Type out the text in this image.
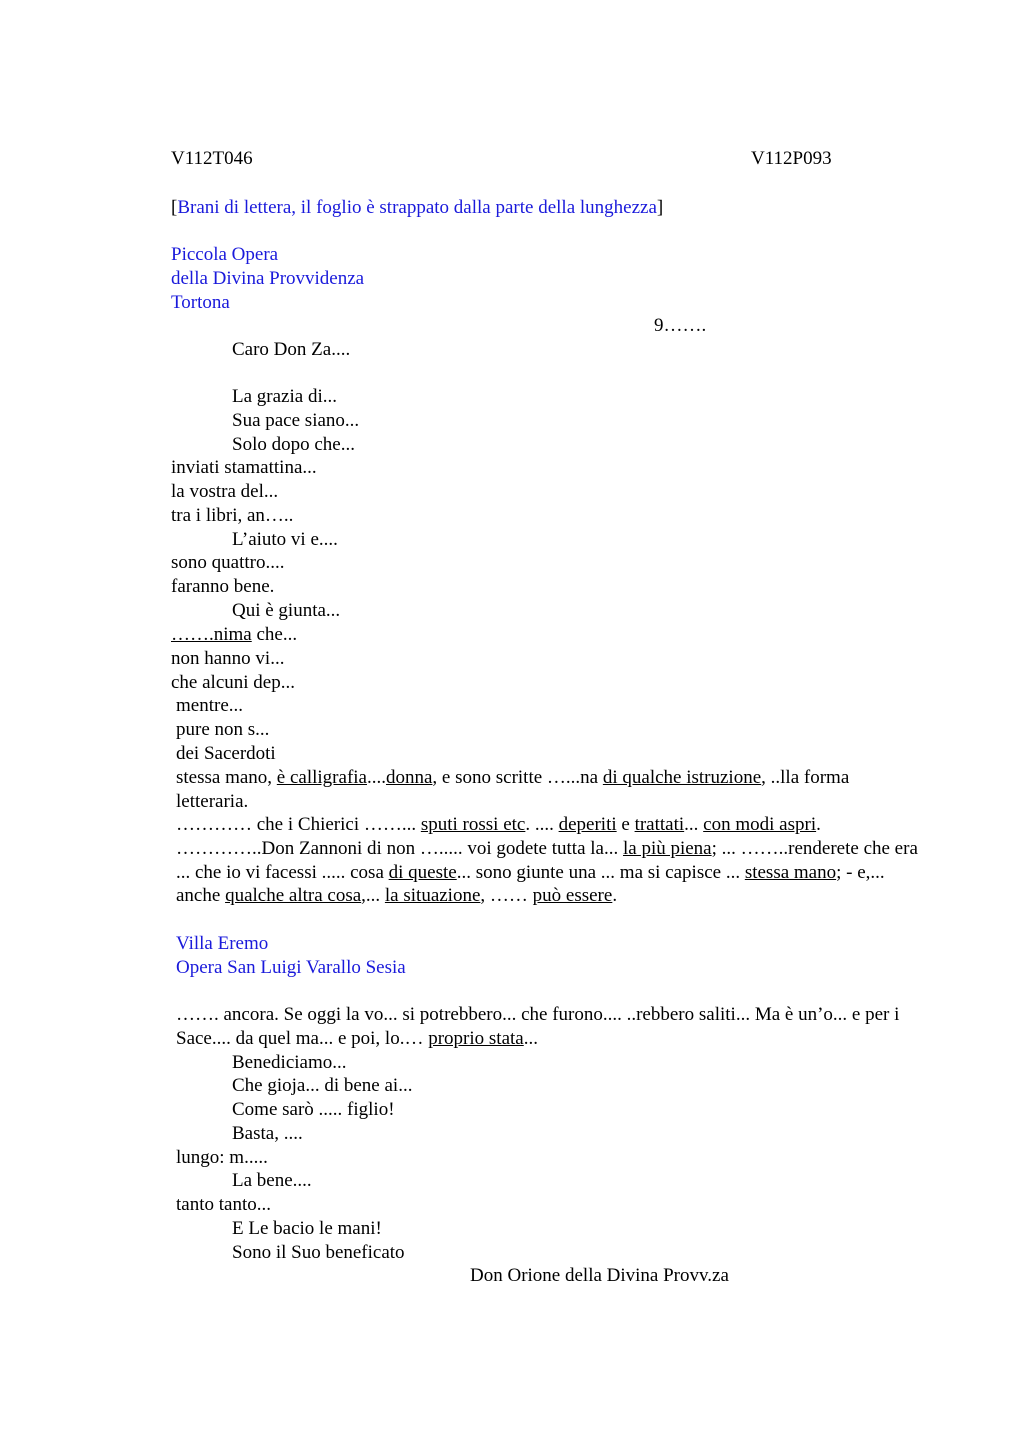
V112T046	V112P093
[Brani di lettera, il foglio è strappato dalla parte della lunghezza]
Piccola Opera
della Divina Provvidenza
Tortona
9…….
Caro Don Za....
La grazia di...
Sua pace siano...
Solo dopo che...
inviati stamattina...
la vostra del...
tra i libri, an…..
L’aiuto vi e....
sono quattro....
faranno bene.
Qui è giunta...
…….nima che...
non hanno vi...
che alcuni dep...
mentre...
pure non s...
dei Sacerdoti
stessa mano, è calligrafia....donna, e sono scritte …...na di qualche istruzione, ..lla forma letteraria.
………… che i Chierici ……... sputi rossi etc. .... deperiti e trattati... con modi aspri.
…………..Don Zannoni di non …..... voi godete tutta la... la più piena; ... ……..renderete che era ... che io vi facessi ..... cosa di queste... sono giunte una ... ma si capisce ... stessa mano; - e,... anche qualche altra cosa,... la situazione, …… può essere.
Villa Eremo
Opera San Luigi Varallo Sesia
……. ancora. Se oggi la vo... si potrebbero... che furono.... ..rebbero saliti... Ma è un’o... e per i Sace.... da quel ma... e poi, lo.… proprio stata...
Benediciamo...
Che gioja... di bene ai...
Come sarò ..... figlio!
Basta, ....
lungo: m.....
La bene....
tanto tanto...
E Le bacio le mani!
Sono il Suo beneficato
Don Orione della Divina Provv.za
